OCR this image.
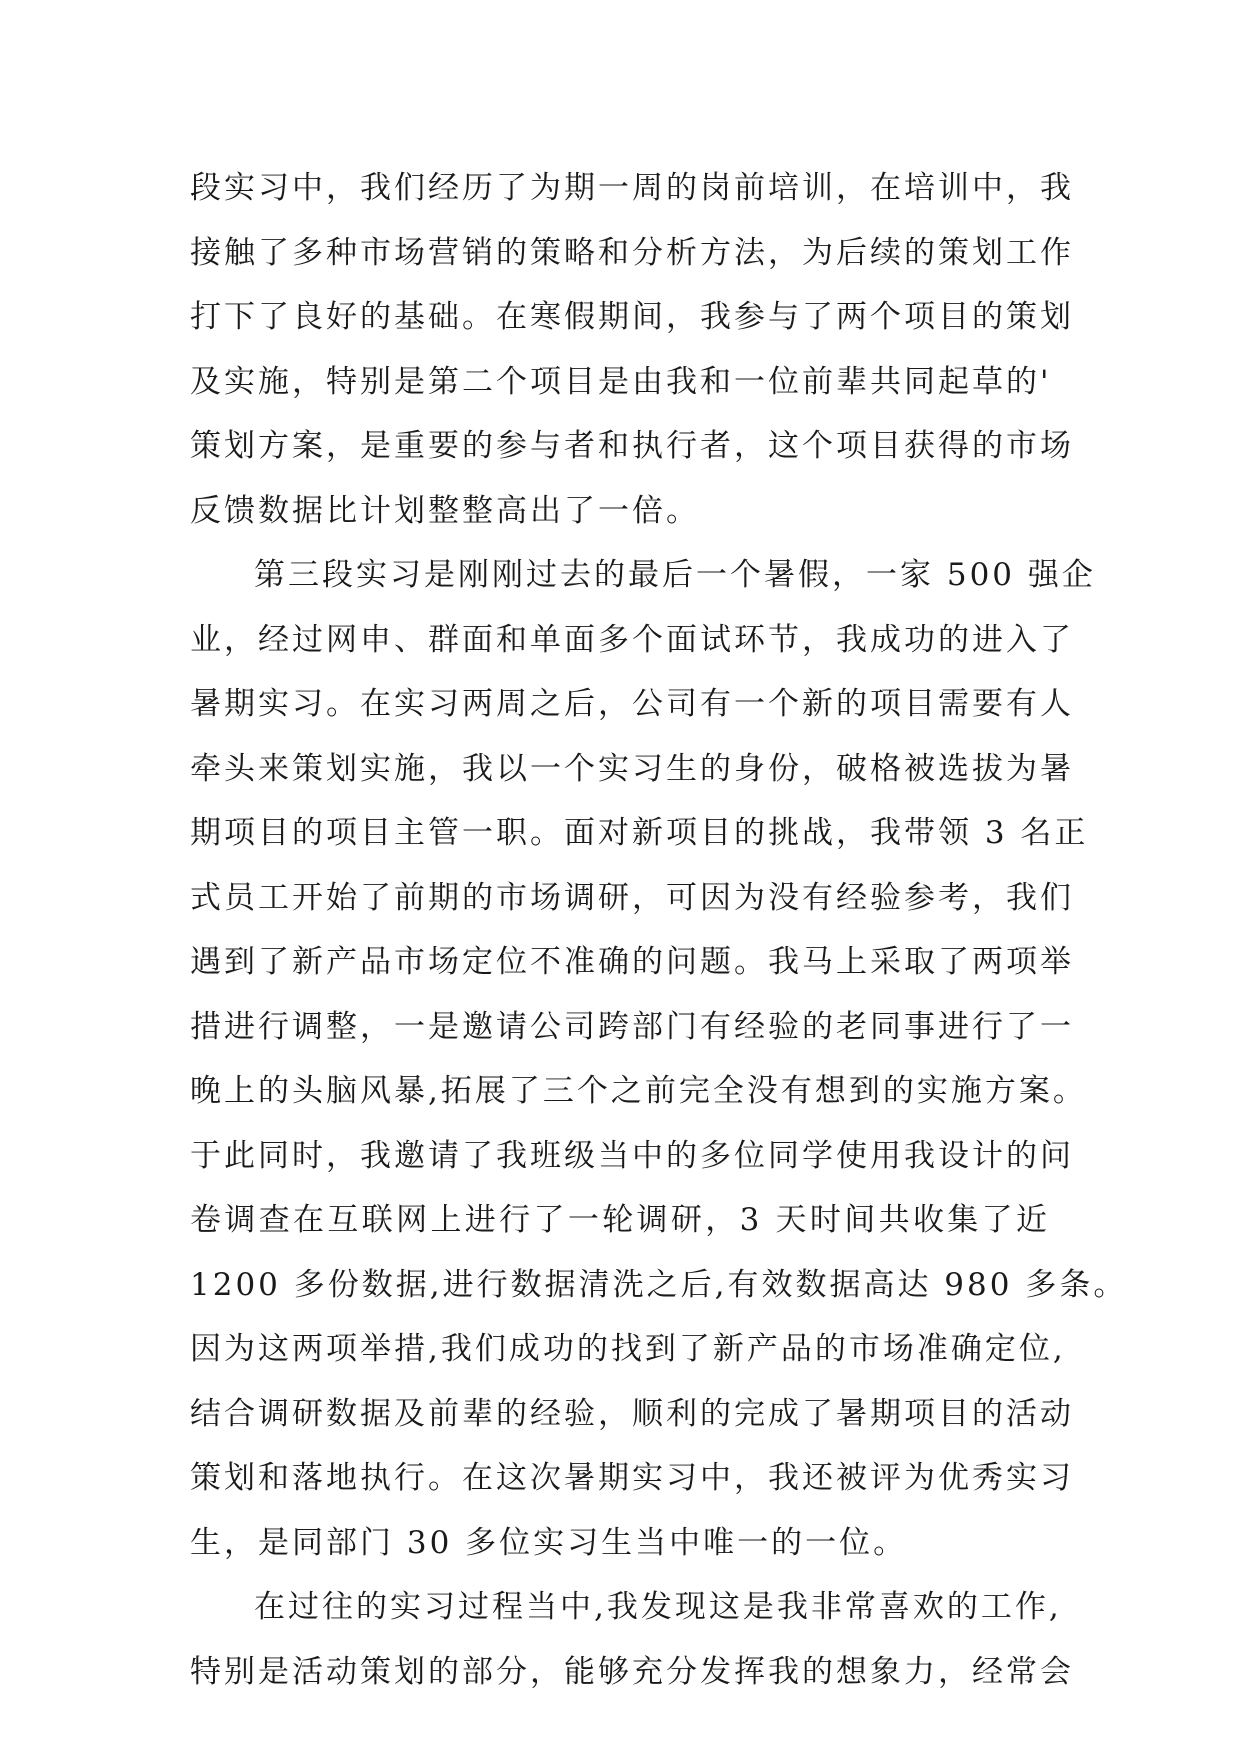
段实习中，我们经历了为期一周的岗前培训，在培训中，我
接触了多种市场营销的策略和分析方法，为后续的策划工作
打下了良好的基础。在寒假期间，我参与了两个项目的策划
及实施，特别是第二个项目是由我和一位前辈共同起草的'
策划方案，是重要的参与者和执行者，这个项目获得的市场
反馈数据比计划整整高出了一倍。
第三段实习是刚刚过去的最后一个暑假，一家 500 强企
业，经过网申、群面和单面多个面试环节，我成功的进入了
暑期实习。在实习两周之后，公司有一个新的项目需要有人
牵头来策划实施，我以一个实习生的身份，破格被选拔为暑
期项目的项目主管一职。面对新项目的挑战，我带领 3 名正
式员工开始了前期的市场调研，可因为没有经验参考，我们
遇到了新产品市场定位不准确的问题。我马上采取了两项举
措进行调整，一是邀请公司跨部门有经验的老同事进行了一
晚上的头脑风暴,拓展了三个之前完全没有想到的实施方案。
于此同时，我邀请了我班级当中的多位同学使用我设计的问
卷调查在互联网上进行了一轮调研，3 天时间共收集了近
1200 多份数据,进行数据清洗之后,有效数据高达 980 多条。
因为这两项举措,我们成功的找到了新产品的市场准确定位,
结合调研数据及前辈的经验，顺利的完成了暑期项目的活动
策划和落地执行。在这次暑期实习中，我还被评为优秀实习
生，是同部门 30 多位实习生当中唯一的一位。
在过往的实习过程当中,我发现这是我非常喜欢的工作,
特别是活动策划的部分，能够充分发挥我的想象力，经常会
